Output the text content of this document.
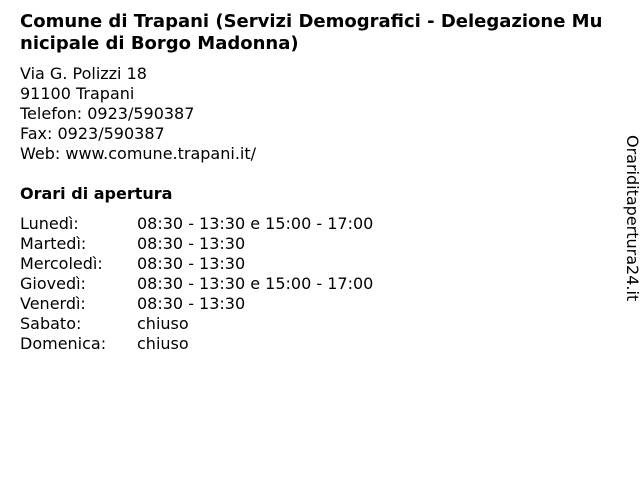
Comune di Trapani (Servizi Demografici - Delegazione Municipale di Borgo Madonna)
Via G. Polizzi 18
91100 Trapani
Telefon: 0923/590387
Fax: 0923/590387
Web: www.comune.trapani.it/
Orari di apertura
Lunedì:	08:30 - 13:30 e 15:00 - 17:00
Martedì:	08:30 - 13:30
Mercoledì:	08:30 - 13:30
Giovedì:	08:30 - 13:30 e 15:00 - 17:00
Venerdì:	08:30 - 13:30
Sabato:	chiuso
Domenica:	chiuso
Orariditapertura24.it
